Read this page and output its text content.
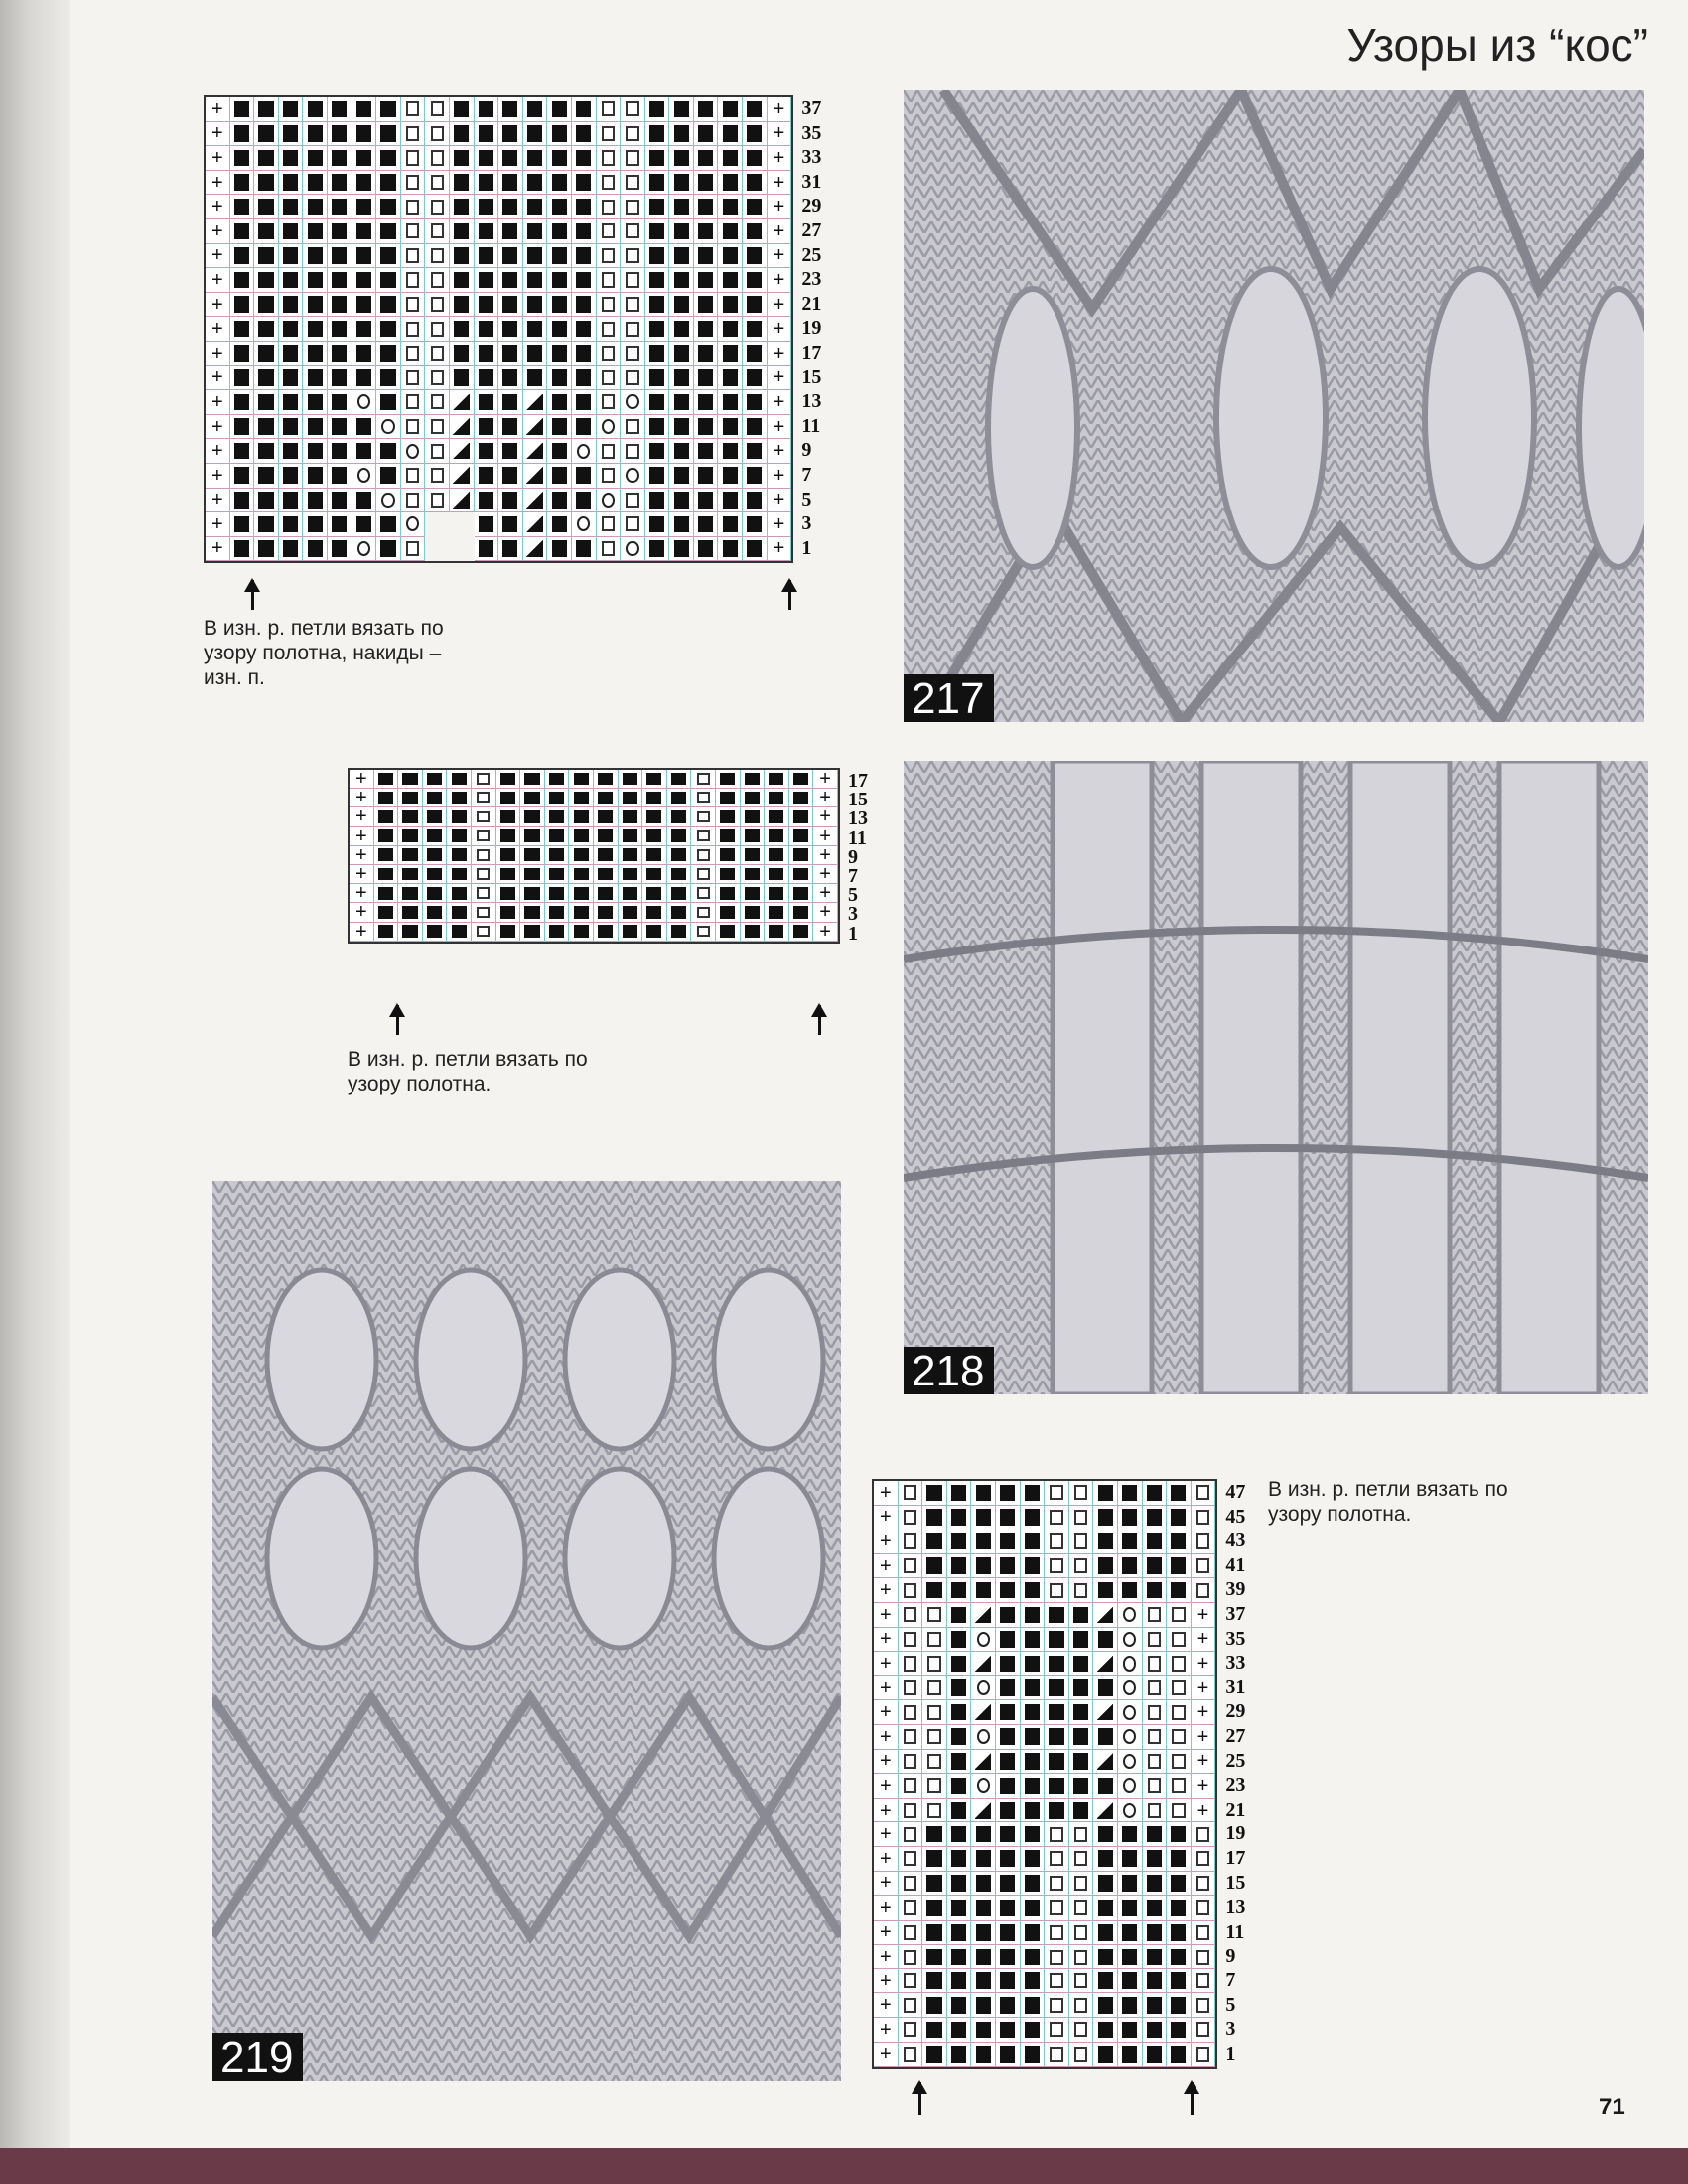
Узоры из “кос”
+
+
+
+
+
+
+
+
+
+
+
+
+
+
+
+
+
+
+
+
+
+
+
+
+
+
+
+
+
+
+
+
+
+
+
+
+
+
37
35
33
31
29
27
25
23
21
19
17
15
13
11
9
7
5
3
1
В изн. р. петли вязать по
узору полотна, накиды –
изн. п.
+
+
+
+
+
+
+
+
+
+
+
+
+
+
+
+
+
+
17
15
13
11
9
7
5
3
1
В изн. р. петли вязать по
узору полотна.
+
+
+
+
+
+
+
+
+
+
+
+
+
+
+
+
+
+
+
+
+
+
+
+
+
+
+
+
+
+
+
+
+
47
45
43
41
39
37
35
33
31
29
27
25
23
21
19
17
15
13
11
9
7
5
3
1
В изн. р. петли вязать по
узору полотна.
217
218
219
71
